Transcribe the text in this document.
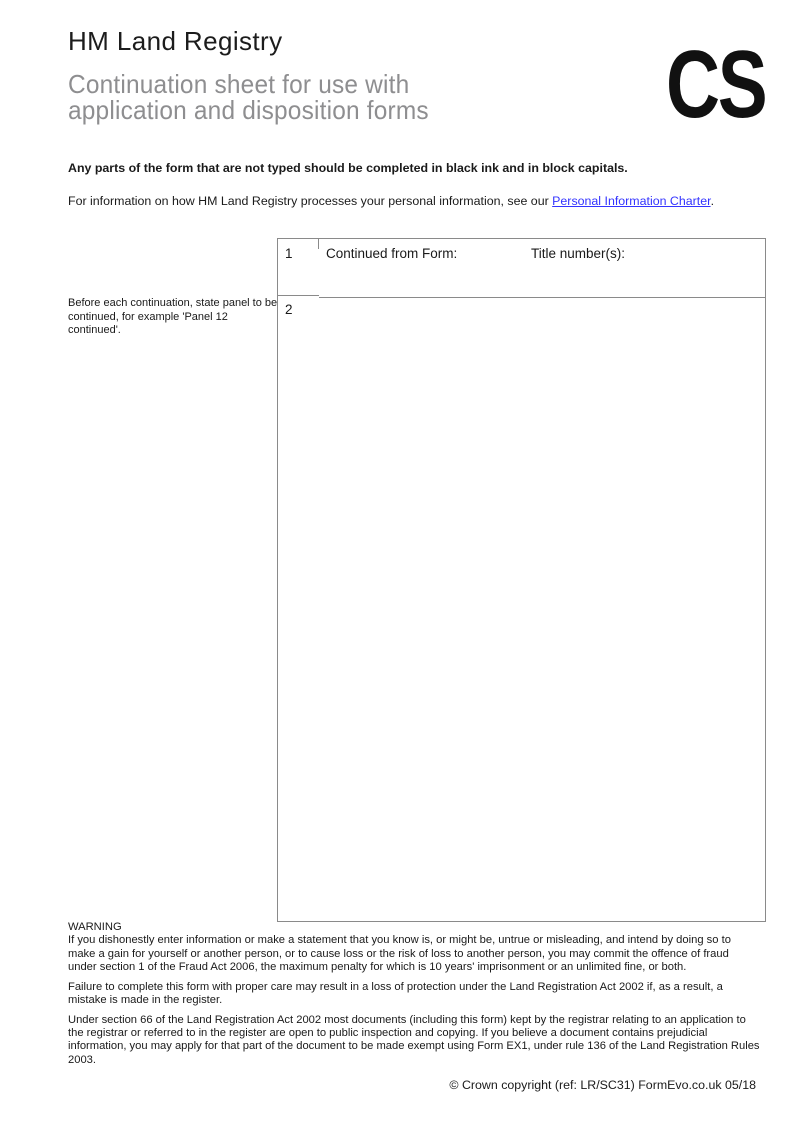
HM Land Registry
Continuation sheet for use with application and disposition forms	CS
Any parts of the form that are not typed should be completed in black ink and in block capitals.
For information on how HM Land Registry processes your personal information, see our Personal Information Charter.
Before each continuation, state panel to be continued, for example 'Panel 12 continued'.
1 Continued from Form:	Title number(s):
2
WARNING

If you dishonestly enter information or make a statement that you know is, or might be, untrue or misleading, and intend by doing so to make a gain for yourself or another person, or to cause loss or the risk of loss to another person, you may commit the offence of fraud under section 1 of the Fraud Act 2006, the maximum penalty for which is 10 years' imprisonment or an unlimited fine, or both.

Failure to complete this form with proper care may result in a loss of protection under the Land Registration Act 2002 if, as a result, a mistake is made in the register.

Under section 66 of the Land Registration Act 2002 most documents (including this form) kept by the registrar relating to an application to the registrar or referred to in the register are open to public inspection and copying. If you believe a document contains prejudicial information, you may apply for that part of the document to be made exempt using Form EX1, under rule 136 of the Land Registration Rules 2003.

© Crown copyright (ref: LR/SC31) FormEvo.co.uk 05/18
